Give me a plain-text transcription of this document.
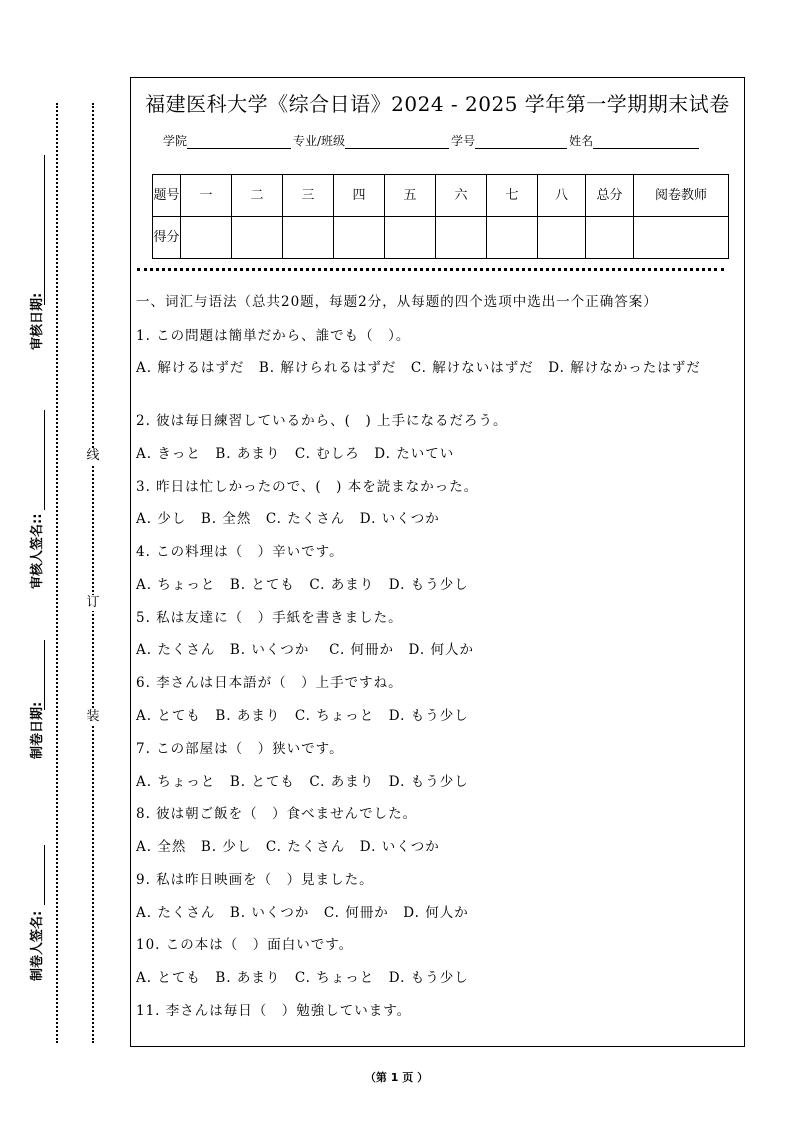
审核日期:
审核人签名::
制卷日期:
制卷人签名:
线
订
装
福建医科大学《综合日语》2024 - 2025 学年第一学期期末试卷
学院	专业/班级	学号	姓名
题号	一	二	三	四	五	六	七	八	总分	阅卷教师
得分										
一、词汇与语法（总共20题，每题2分，从每题的四个选项中选出一个正确答案）
1. この問題は簡単だから、誰でも（　）。
A. 解けるはずだ　B. 解けられるはずだ　C. 解けないはずだ　D. 解けなかったはずだ
2. 彼は毎日練習しているから、(　) 上手になるだろう。
A. きっと　B. あまり　C. むしろ　D. たいてい
3. 昨日は忙しかったので、(　) 本を読まなかった。
A. 少し　B. 全然　C. たくさん　D. いくつか
4. この料理は（　）辛いです。
A. ちょっと　B. とても　C. あまり　D. もう少し
5. 私は友達に（　）手紙を書きました。
A. たくさん　B. いくつか　 C. 何冊か　D. 何人か
6. 李さんは日本語が（　）上手ですね。
A. とても　B. あまり　C. ちょっと　D. もう少し
7. この部屋は（　）狭いです。
A. ちょっと　B. とても　C. あまり　D. もう少し
8. 彼は朝ご飯を（　）食べませんでした。
A. 全然　B. 少し　C. たくさん　D. いくつか
9. 私は昨日映画を（　）見ました。
A. たくさん　B. いくつか　C. 何冊か　D. 何人か
10. この本は（　）面白いです。
A. とても　B. あまり　C. ちょっと　D. もう少し
11. 李さんは毎日（　）勉強しています。
（第 1 页 ）
